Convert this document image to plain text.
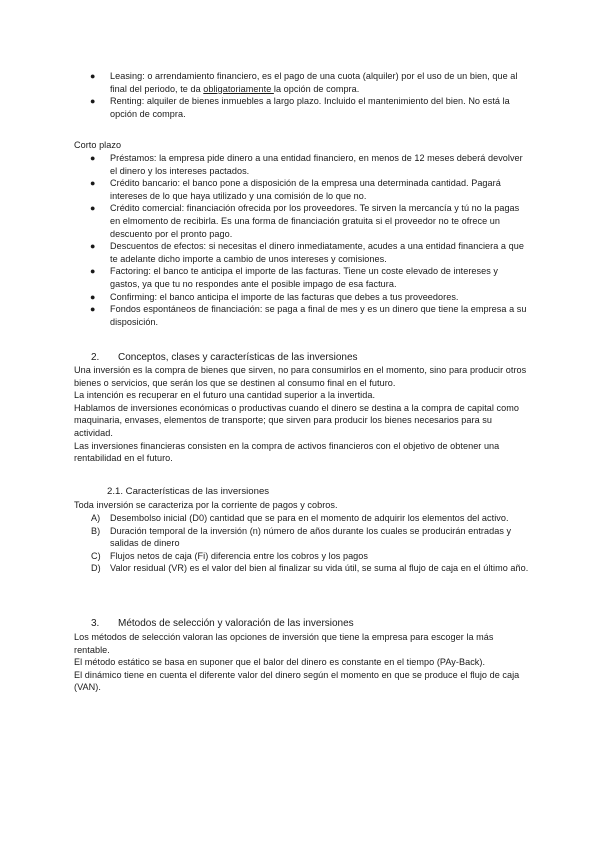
● Leasing: o arrendamiento financiero, es el pago de una cuota (alquiler) por el uso de un bien, que al final del periodo, te da obligatoriamente la opción de compra.
● Renting: alquiler de bienes inmuebles a largo plazo. Incluido el mantenimiento del bien. No está la opción de compra.
Corto plazo
● Préstamos: la empresa pide dinero a una entidad financiero, en menos de 12 meses deberá devolver el dinero y los intereses pactados.
● Crédito bancario: el banco pone a disposición de la empresa una determinada cantidad. Pagará intereses de lo que haya utilizado y una comisión de lo que no.
● Crédito comercial: financiación ofrecida por los proveedores. Te sirven la mercancía y tú no la pagas en elmomento de recibirla. Es una forma de financiación gratuita si el proveedor no te ofrece un descuento por el pronto pago.
● Descuentos de efectos: si necesitas el dinero inmediatamente, acudes a una entidad financiera a que te adelante dicho importe a cambio de unos intereses y comisiones.
● Factoring: el banco te anticipa el importe de las facturas. Tiene un coste elevado de intereses y gastos, ya que tu no respondes ante el posible impago de esa factura.
● Confirming: el banco anticipa el importe de las facturas que debes a tus proveedores.
● Fondos espontáneos de financiación: se paga a final de mes y es un dinero que tiene la empresa a su disposición.
2. Conceptos, clases y características de las inversiones

Una inversión es la compra de bienes que sirven, no para consumirlos en el momento, sino para producir otros bienes o servicios, que serán los que se destinen al consumo final en el futuro.

La intención es recuperar en el futuro una cantidad superior a la invertida.

Hablamos de inversiones económicas o productivas cuando el dinero se destina a la compra de capital como maquinaria, envases, elementos de transporte; que sirven para producir los bienes necesarios para su actividad.

Las inversiones financieras consisten en la compra de activos financieros con el objetivo de obtener una rentabilidad en el futuro.

2.1. Características de las inversiones
Toda inversión se caracteriza por la corriente de pagos y cobros.
A) Desembolso inicial (D0) cantidad que se para en el momento de adquirir los elementos del activo.
B) Duración temporal de la inversión (n) número de años durante los cuales se producirán entradas y salidas de dinero
C) Flujos netos de caja (Fi) diferencia entre los cobros y los pagos
D) Valor residual (VR) es el valor del bien al finalizar su vida útil, se suma al flujo de caja en el último año.
3. Métodos de selección y valoración de las inversiones

Los métodos de selección valoran las opciones de inversión que tiene la empresa para escoger la más rentable.

El método estático se basa en suponer que el balor del dinero es constante en el tiempo (PAy-Back).

El dinámico tiene en cuenta el diferente valor del dinero según el momento en que se produce el flujo de caja (VAN).
